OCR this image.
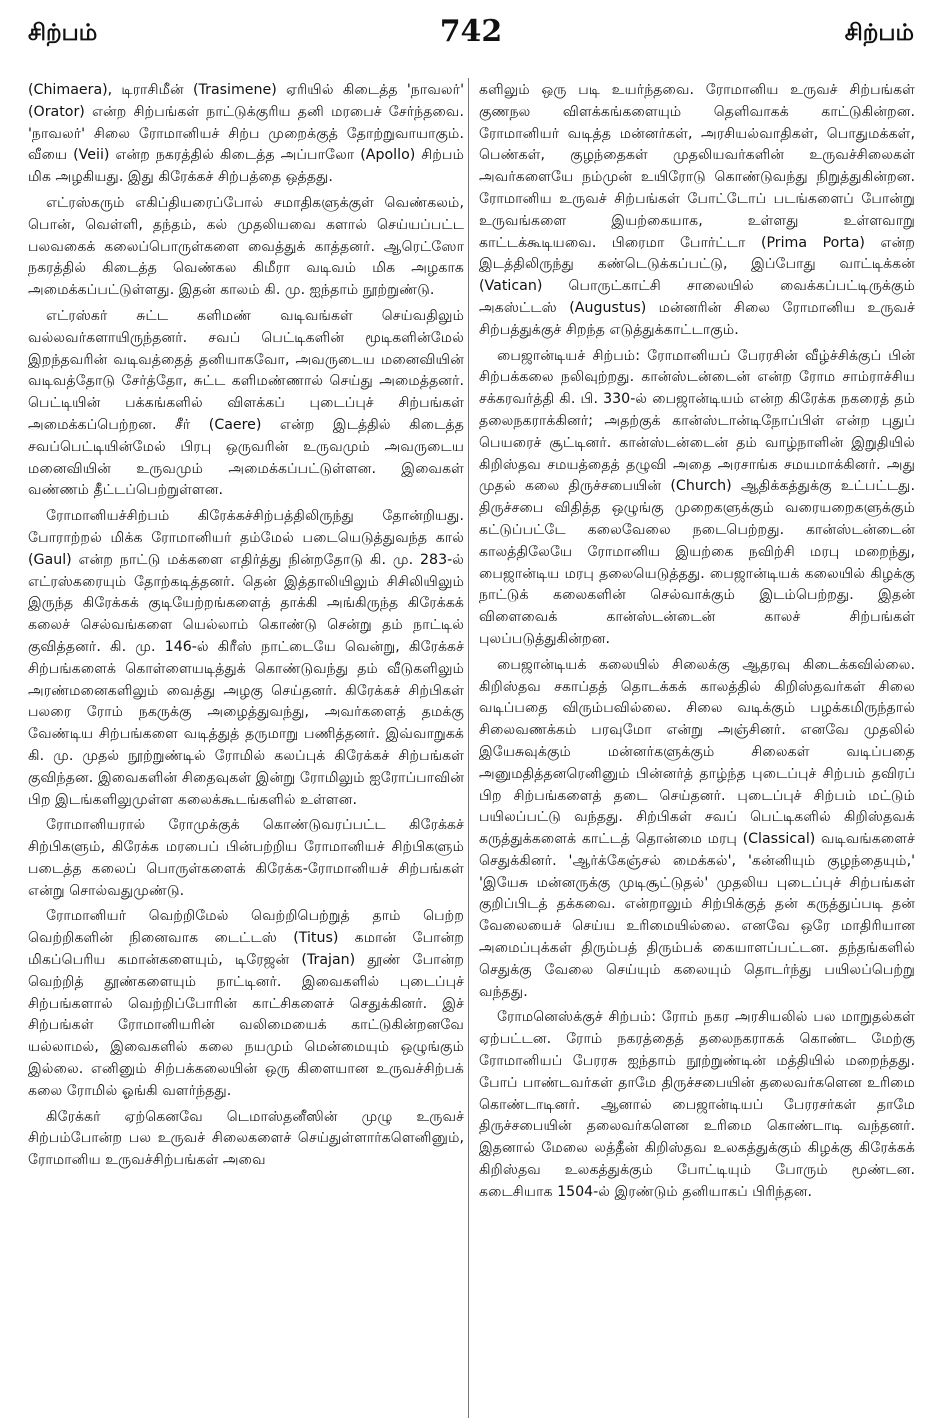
சிற்பம்	742	சிற்பம்

(Chimaera), டிராசிமீன் (Trasimene) ஏரியில் கிடைத்த 'நாவலர்' (Orator) என்ற சிற்பங்கள் நாட்டுக்குரிய தனி மரபைச் சேர்ந்தவை. 'நாவலர்' சிலை ரோமானியச் சிற்ப முறைக்குத் தோற்றுவாயாகும். வீயை (Veii) என்ற நகரத்தில் கிடைத்த அப்பாலோ (Apollo) சிற்பம் மிக அழகியது. இது கிரேக்கச் சிற்பத்தை ஒத்தது.

எட்ரஸ்கரும் எகிப்தியரைப்போல் சமாதிகளுக்குள் வெண்கலம், பொன், வெள்ளி, தந்தம், கல் முதலியவை களால் செய்யப்பட்ட பலவகைக் கலைப்பொருள்களை வைத்துக் காத்தனர். ஆரெட்ஸோ நகரத்தில் கிடைத்த வெண்கல கிமீரா வடிவம் மிக அழகாக அமைக்கப்பட்டுள்ளது. இதன் காலம் கி. மு. ஐந்தாம் நூற்றுண்டு.

எட்ரஸ்கர் சுட்ட களிமண் வடிவங்கள் செய்வதிலும் வல்லவர்களாயிருந்தனர். சவப் பெட்டிகளின் மூடிகளின்மேல் இறந்தவரின் வடிவத்தைத் தனியாகவோ, அவருடைய மனைவியின் வடிவத்தோடு சேர்த்தோ, சுட்ட களிமண்ணால் செய்து அமைத்தனர். பெட்டியின் பக்கங்களில் விளக்கப் புடைப்புச் சிற்பங்கள் அமைக்கப்பெற்றன. சீர் (Caere) என்ற இடத்தில் கிடைத்த சவப்பெட்டியின்மேல் பிரபு ஒருவரின் உருவமும் அவருடைய மனைவியின் உருவமும் அமைக்கப்பட்டுள்ளன. இவைகள் வண்ணம் தீட்டப்பெற்றுள்ளன.

ரோமானியச்சிற்பம் கிரேக்கச்சிற்பத்திலிருந்து தோன்றியது. போராற்றல் மிக்க ரோமானியர் தம்மேல் படையெடுத்துவந்த கால் (Gaul) என்ற நாட்டு மக்களை எதிர்த்து நின்றதோடு கி. மு. 283-ல் எட்ரஸ்கரையும் தோற்கடித்தனர். தென் இத்தாலியிலும் சிசிலியிலும் இருந்த கிரேக்கக் குடியேற்றங்களைத் தாக்கி அங்கிருந்த கிரேக்கக் கலைச் செல்வங்களை யெல்லாம் கொண்டு சென்று தம் நாட்டில் குவித்தனர். கி. மு. 146-ல் கிரீஸ் நாட்டையே வென்று, கிரேக்கச் சிற்பங்களைக் கொள்ளையடித்துக் கொண்டுவந்து தம் வீடுகளிலும் அரண்மனைகளிலும் வைத்து அழகு செய்தனர். கிரேக்கச் சிற்பிகள் பலரை ரோம் நகருக்கு அழைத்துவந்து, அவர்களைத் தமக்கு வேண்டிய சிற்பங்களை வடித்துத் தருமாறு பணித்தனர். இவ்வாறுகக் கி. மு. முதல் நூற்றுண்டில் ரோமில் கலப்புக் கிரேக்கச் சிற்பங்கள் குவிந்தன. இவைகளின் சிதைவுகள் இன்று ரோமிலும் ஐரோப்பாவின் பிற இடங்களிலுமுள்ள கலைக்கூடங்களில் உள்ளன.

ரோமானியரால் ரோமுக்குக் கொண்டுவரப்பட்ட கிரேக்கச் சிற்பிகளும், கிரேக்க மரபைப் பின்பற்றிய ரோமானியச் சிற்பிகளும் படைத்த கலைப் பொருள்களைக் கிரேக்க-ரோமானியச் சிற்பங்கள் என்று சொல்வதுமுண்டு.

ரோமானியர் வெற்றிமேல் வெற்றிபெற்றுத் தாம் பெற்ற வெற்றிகளின் நினைவாக டைட்டஸ் (Titus) கமான் போன்ற மிகப்பெரிய கமான்களையும், டிரேஜன் (Trajan) தூண் போன்ற வெற்றித் தூண்களையும் நாட்டினர். இவைகளில் புடைப்புச் சிற்பங்களால் வெற்றிப்போரின் காட்சிகளைச் செதுக்கினர். இச் சிற்பங்கள் ரோமானியரின் வலிமையைக் காட்டுகின்றனவே யல்லாமல், இவைகளில் கலை நயமும் மென்மையும் ஒழுங்கும் இல்லை. எனினும் சிற்பக்கலையின் ஒரு கிளையான உருவச்சிற்பக் கலை ரோமில் ஓங்கி வளர்ந்தது.

கிரேக்கர் ஏற்கெனவே டெமாஸ்தனீஸின் முழு உருவச் சிற்பம்போன்ற பல உருவச் சிலைகளைச் செய்துள்ளார்களெனினும், ரோமானிய உருவச்சிற்பங்கள் அவை

களிலும் ஒரு படி உயர்ந்தவை. ரோமானிய உருவச் சிற்பங்கள் குணநல விளக்கங்களையும் தெளிவாகக் காட்டுகின்றன. ரோமானியர் வடித்த மன்னர்கள், அரசியல்வாதிகள், பொதுமக்கள், பெண்கள், குழந்தைகள் முதலியவர்களின் உருவச்சிலைகள் அவர்களையே நம்முன் உயிரோடு கொண்டுவந்து நிறுத்துகின்றன. ரோமானிய உருவச் சிற்பங்கள் போட்டோப் படங்களைப் போன்று உருவங்களை இயற்கையாக, உள்ளது உள்ளவாறு காட்டக்கூடியவை. பிரைமா போர்ட்டா (Prima Porta) என்ற இடத்திலிருந்து கண்டெடுக்கப்பட்டு, இப்போது வாட்டிக்கன் (Vatican) பொருட்காட்சி சாலையில் வைக்கப்பட்டிருக்கும் அகஸ்ட்டஸ் (Augustus) மன்னரின் சிலை ரோமானிய உருவச் சிற்பத்துக்குச் சிறந்த எடுத்துக்காட்டாகும்.

பைஜான்டியச் சிற்பம்: ரோமானியப் பேரரசின் வீழ்ச்சிக்குப் பின் சிற்பக்கலை நலிவுற்றது. கான்ஸ்டன்டைன் என்ற ரோம சாம்ராச்சிய சக்கரவர்த்தி கி. பி. 330-ல் பைஜான்டியம் என்ற கிரேக்க நகரைத் தம் தலைநகராக்கினர்; அதற்குக் கான்ஸ்டான்டிநோப்பிள் என்ற புதுப் பெயரைச் சூட்டினர். கான்ஸ்டன்டைன் தம் வாழ்நாளின் இறுதியில் கிறிஸ்தவ சமயத்தைத் தழுவி அதை அரசாங்க சமயமாக்கினர். அது முதல் கலை திருச்சபையின் (Church) ஆதிக்கத்துக்கு உட்பட்டது. திருச்சபை விதித்த ஒழுங்கு முறைகளுக்கும் வரையறைகளுக்கும் கட்டுப்பட்டே கலைவேலை நடைபெற்றது. கான்ஸ்டன்டைன் காலத்திலேயே ரோமானிய இயற்கை நவிற்சி மரபு மறைந்து, பைஜான்டிய மரபு தலையெடுத்தது. பைஜான்டியக் கலையில் கிழக்கு நாட்டுக் கலைகளின் செல்வாக்கும் இடம்பெற்றது. இதன் விளைவைக் கான்ஸ்டன்டைன் காலச் சிற்பங்கள் புலப்படுத்துகின்றன.

பைஜான்டியக் கலையில் சிலைக்கு ஆதரவு கிடைக்கவில்லை. கிறிஸ்தவ சகாப்தத் தொடக்கக் காலத்தில் கிறிஸ்தவர்கள் சிலை வடிப்பதை விரும்பவில்லை. சிலை வடிக்கும் பழக்கமிருந்தால் சிலைவணக்கம் பரவுமோ என்று அஞ்சினர். எனவே முதலில் இயேசுவுக்கும் மன்னர்களுக்கும் சிலைகள் வடிப்பதை அனுமதித்தனரெனினும் பின்னர்த் தாழ்ந்த புடைப்புச் சிற்பம் தவிரப் பிற சிற்பங்களைத் தடை செய்தனர். புடைப்புச் சிற்பம் மட்டும் பயிலப்பட்டு வந்தது. சிற்பிகள் சவப் பெட்டிகளில் கிறிஸ்தவக் கருத்துக்களைக் காட்டத் தொன்மை மரபு (Classical) வடிவங்களைச் செதுக்கினர். 'ஆர்க்கேஞ்சல் மைக்கல்', 'கன்னியும் குழந்தையும்,' 'இயேசு மன்னருக்கு முடிசூட்டுதல்' முதலிய புடைப்புச் சிற்பங்கள் குறிப்பிடத் தக்கவை. என்றாலும் சிற்பிக்குத் தன் கருத்துப்படி தன் வேலையைச் செய்ய உரிமையில்லை. எனவே ஒரே மாதிரியான அமைப்புக்கள் திரும்பத் திரும்பக் கையாளப்பட்டன. தந்தங்களில் செதுக்கு வேலை செய்யும் கலையும் தொடர்ந்து பயிலப்பெற்று வந்தது.

ரோமனெஸ்க்குச் சிற்பம்: ரோம் நகர அரசியலில் பல மாறுதல்கள் ஏற்பட்டன. ரோம் நகரத்தைத் தலைநகராகக் கொண்ட மேற்கு ரோமானியப் பேரரசு ஐந்தாம் நூற்றுண்டின் மத்தியில் மறைந்தது. போப் பாண்டவர்கள் தாமே திருச்சபையின் தலைவர்களென உரிமை கொண்டாடினர். ஆனால் பைஜான்டியப் பேரரசர்கள் தாமே திருச்சபையின் தலைவர்களென உரிமை கொண்டாடி வந்தனர். இதனால் மேலை லத்தீன் கிறிஸ்தவ உலகத்துக்கும் கிழக்கு கிரேக்கக் கிறிஸ்தவ உலகத்துக்கும் போட்டியும் போரும் மூண்டன. கடைசியாக 1504-ல் இரண்டும் தனியாகப் பிரிந்தன.
